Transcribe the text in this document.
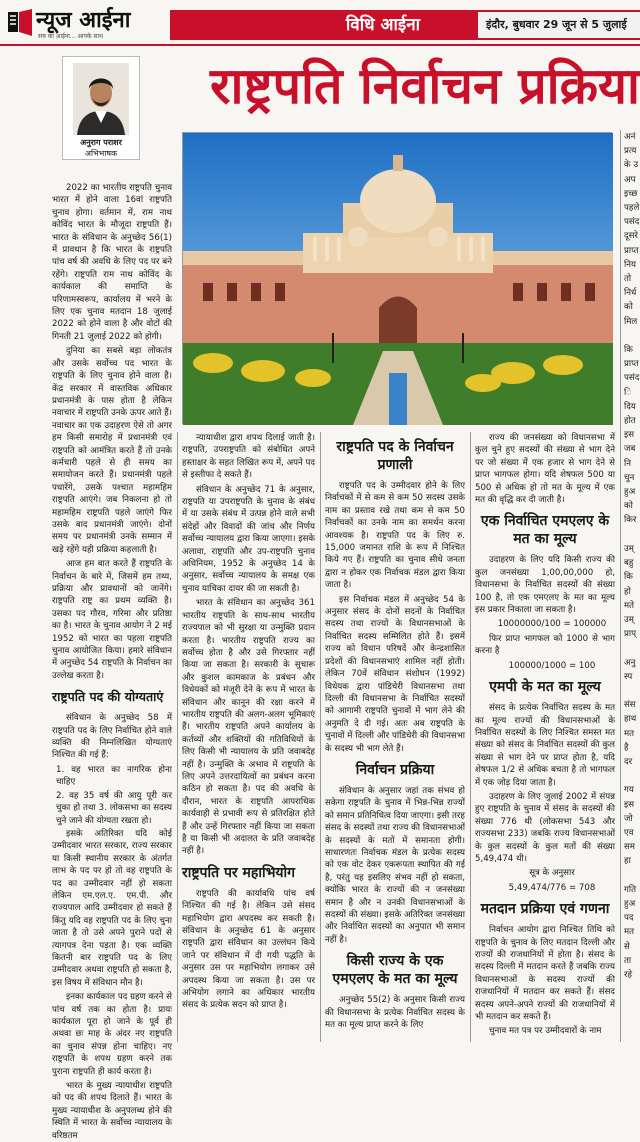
न्यूज आईना
सच का आईना... आपके साथ
विधि आईना	इंदौर, बुधवार 29 जून से 5 जुलाई
अनुराग पराशर
अभिभाषक
राष्ट्रपति निर्वाचन प्रक्रिया

2022 का भारतीय राष्ट्रपति चुनाव भारत में होने वाला 16वां राष्ट्रपति चुनाव होगा। वर्तमान में, राम नाथ कोविंद भारत के मौजूदा राष्ट्रपति हैं। भारत के संविधान के अनुच्छेद 56(1) में प्रावधान है कि भारत के राष्ट्रपति पांच वर्ष की अवधि के लिए पद पर बने रहेंगे। राष्ट्रपति राम नाथ कोविंद के कार्यकाल की समाप्ति के परिणामस्वरूप, कार्यालय में भरने के लिए एक चुनाव मतदान 18 जुलाई 2022 को होने वाला है और वोटों की गिनती 21 जुलाई 2022 को होगी।

दुनिया का सबसे बड़ा लोकतंत्र और उसके सर्वोच्च पद भारत के राष्ट्रपति के लिए चुनाव होने वाला है। केंद्र सरकार में वास्तविक अधिकार प्रधानमंत्री के पास होता है लेकिन नवाचार में राष्ट्रपति उनके ऊपर आते हैं। नवाचार का एक उदाहरण ऐसे तो अगर हम किसी समारोह में प्रधानमंत्री एवं राष्ट्रपति को आमंत्रित करते हैं तो उनके कर्मचारी पहले से ही समय का समायोजन करते हैं। प्रधानमंत्री पहले पधारेंगे, उसके पश्चात महामहिम राष्ट्रपति आएंगे। जब निकलना हो तो महामहिम राष्ट्रपति पहले जाएंगे फिर उसके बाद प्रधानमंत्री जाएंगे। दोनों समय पर प्रधानमंत्री उनके सम्मान में खड़े रहेंगे यही प्रक्रिया कहलाती है।

आज हम बात करते हैं राष्ट्रपति के निर्वाचन के बारे में, जिसमें हम तथ्य, प्रक्रिया और प्रावधानों को जानेंगे। राष्ट्रपति राष्ट्र का प्रथम व्यक्ति है। उसका पद गौरव, गरिमा और प्रतिष्ठा का है। भारत के चुनाव आयोग ने 2 मई 1952 को भारत का पहला राष्ट्रपति चुनाव आयोजित किया। हमारे संविधान में अनुच्छेद 54 राष्ट्रपति के निर्वाचन का उल्लेख करता है।

राष्ट्रपति पद की योग्यताएं

संविधान के अनुच्छेद 58 में राष्ट्रपति पद के लिए निर्वाचित होने वाले व्यक्ति की निम्नलिखित योग्यताएं निश्चित की गई हैं:

1. वह भारत का नागरिक होना चाहिए
2. वह 35 वर्ष की आयु पूरी कर चुका हो तथा 3. लोकसभा का सदस्य चुने जाने की योग्यता रखता हो।

इसके अतिरिक्त यदि कोई उम्मीदवार भारत सरकार, राज्य सरकार या किसी स्थानीय सरकार के अंतर्गत लाभ के पद पर हो तो वह राष्ट्रपति के पद का उम्मीदवार नहीं हो सकता लेकिन एम.एल.ए. एम.पी. और राज्यपाल आदि उम्मीदवार हो सकते हैं किंतु यदि वह राष्ट्रपति पद के लिए चुना जाता है तो उसे अपने पुराने पदों से त्यागपत्र देना पड़ता है। एक व्यक्ति कितनी बार राष्ट्रपति पद के लिए उम्मीदवार अथवा राष्ट्रपति हो सकता है, इस विषय में संविधान मौन है।

इनका कार्यकाल पद ग्रहण करने से पांच वर्ष तक का होता है। प्रायः कार्यकाल पूरा हो जाने के पूर्व ही अथवा छः माह के अंदर नए राष्ट्रपति का चुनाव संपन्न होना चाहिए। नए राष्ट्रपति के शपथ ग्रहण करने तक पुराना राष्ट्रपति ही कार्य करता है।

भारत के मुख्य न्यायाधीश राष्ट्रपति को पद की शपथ दिलाते हैं। भारत के मुख्य न्यायाधीश के अनुपलब्ध होने की स्थिति में भारत के सर्वोच्च न्यायालय के वरिष्ठतम

न्यायाधीश द्वारा शपथ दिलाई जाती है। राष्ट्रपति, उपराष्ट्रपति को संबोधित अपने हस्ताक्षर के सहत लिखित रूप में, अपने पद से इस्तीफा दे सकते हैं।

संविधान के अनुच्छेद 71 के अनुसार, राष्ट्रपति या उपराष्ट्रपति के चुनाव के संबंध में या उसके संबंध में उत्पन्न होने वाले सभी संदेहों और विवादों की जांच और निर्णय सर्वोच्च न्यायालय द्वारा किया जाएगा। इसके अलावा, राष्ट्रपति और उप-राष्ट्रपति चुनाव अधिनियम, 1952 के अनुच्छेद 14 के अनुसार, सर्वोच्च न्यायालय के समक्ष एक चुनाव याचिका दायर की जा सकती है।

भारत के संविधान का अनुच्छेद 361 भारतीय राष्ट्रपति के साथ-साथ भारतीय राज्यपाल को भी सुरक्षा या उन्मुक्ति प्रदान करता है। भारतीय राष्ट्रपति राज्य का सर्वोच्च होता है और उसे गिरफ्तार नहीं किया जा सकता है। सरकारी के सुचारू और कुशल कामकाज के प्रबंधन और विधेयकों को मंजूरी देने के रूप में भारत के संविधान और कानून की रक्षा करने में भारतीय राष्ट्रपति की अलग-अलग भूमिकाएं हैं। भारतीय राष्ट्रपति अपने कार्यालय के कर्तव्यों और शक्तियों की गतिविधियों के लिए किसी भी न्यायालय के प्रति जवाबदेह नहीं है। उन्मुक्ति के अभाव में राष्ट्रपति के लिए अपने उत्तरदायित्वों का प्रबंधन करना कठिन हो सकता है। पद की अवधि के दौरान, भारत के राष्ट्रपति आपराधिक कार्यवाही से प्रभावी रूप से प्रतिरक्षित होते हैं और उन्हें गिरफ्तार नहीं किया जा सकता है या किसी भी अदालत के प्रति जवाबदेह नहीं है।

राष्ट्रपति पर महाभियोग

राष्ट्रपति की कार्यावधि पांच वर्ष निश्चित की गई है। लेकिन उसे संसद महाभियोग द्वारा अपदस्थ कर सकती है। संविधान के अनुच्छेद 61 के अनुसार राष्ट्रपति द्वारा संविधान का उल्लंघन किये जाने पर संविधान में दी गयी पद्धति के अनुसार उस पर महाभियोग लगाकर उसे अपदस्थ किया जा सकता है। उस पर अभियोग लगाने का अधिकार भारतीय संसद के प्रत्येक सदन को प्राप्त है।

राष्ट्रपति पद के निर्वाचन प्रणाली

राष्ट्रपति पद के उम्मीदवार होने के लिए निर्वाचकों में से कम से कम 50 सदस्य उसके नाम का प्रस्ताव रखे तथा कम से कम 50 निर्वाचकों का उनके नाम का समर्थन करना आवश्यक है। राष्ट्रपति पद के लिए रु. 15,000 जमानत राशि के रूप में निश्चित किये गए हैं। राष्ट्रपति का चुनाव सीधे जनता द्वारा न होकर एक निर्वाचक मंडल द्वारा किया जाता है।

इस निर्वाचक मंडल में अनुच्छेद 54 के अनुसार संसद के दोनों सदनों के निर्वाचित सदस्य तथा राज्यों के विधानसभाओं के निर्वाचित सदस्य सम्मिलित होते हैं। इसमें राज्य को विधान परिषदें और केन्द्रशासित प्रदेशों की विधानसभाएं शामिल नहीं होती। लेकिन 70वें संविधान संशोधन (1992) विधेयक द्वारा पांडिचेरी विधानसभा तथा दिल्ली की विधानसभा के निर्वाचित सदस्यों को आगामी राष्ट्रपति चुनावों में भाग लेने की अनुमति दे दी गई। अतः अब राष्ट्रपति के चुनावों में दिल्ली और पांडिचेरी की विधानसभा के सदस्य भी भाग लेते हैं।

निर्वाचन प्रक्रिया

संविधान के अनुसार जहां तक संभव हो सकेगा राष्ट्रपति के चुनाव में भिन्न-भिन्न राज्यों को समान प्रतिनिधित्व दिया जाएगा। इसी तरह संसद के सदस्यों तथा राज्य की विधानसभाओं के सदस्यों के मतों में समानता होगी। साधारणतः निर्वाचक मंडल के प्रत्येक सदस्य को एक वोट देकर एकरूपता स्थापित की गई है, परंतु यह इसलिए संभव नहीं हो सकता, क्योंकि भारत के राज्यों की न जनसंख्या समान है और न उनकी विधानसभाओं के सदस्यों की संख्या। इसके अतिरिक्त जनसंख्या और निर्वाचित सदस्यों का अनुपात भी समान नहीं है।

किसी राज्य के एक एमएलए के मत का मूल्य

अनुच्छेद 55(2) के अनुसार किसी राज्य की विधानसभा के प्रत्येक निर्वाचित सदस्य के मत का मूल्य प्राप्त करने के लिए

राज्य की जनसंख्या को विधानसभा में कुल चुने हुए सदस्यों की संख्या से भाग देने पर जो संख्या में एक हजार से भाग देने से प्राप्त भागफल होगा। यदि शेषफल 500 या 500 से अधिक हो तो मत के मूल्य में एक मत की वृद्धि कर दी जाती है।

एक निर्वाचित एमएलए के मत का मूल्य

उदाहरण के लिए यदि किसी राज्य की कुल जनसंख्या 1,00,00,000 हो, विधानसभा के निर्वाचित सदस्यों की संख्या 100 है, तो एक एमएलए के मत का मूल्य इस प्रकार निकाला जा सकता है।

10000000/100 = 100000

फिर प्राप्त भागफल को 1000 से भाग करना है

100000/1000 = 100

एमपी के मत का मूल्य

संसद के प्रत्येक निर्वाचित सदस्य के मत का मूल्य राज्यों की विधानसभाओं के निर्वाचित सदस्यों के लिए निश्चित समस्त मत संख्या को संसद के निर्वाचित सदस्यों की कुल संख्या से भाग देने पर प्राप्त होता है, यदि शेषफल 1/2 से अधिक बचता है तो भागफल में एक जोड़ दिया जाता है।

उदाहरण के लिए जुलाई 2002 में संपन्न हुए राष्ट्रपति के चुनाव में संसद के सदस्यों की संख्या 776 थी (लोकसभा 543 और राज्यसभा 233) जबकि राज्य विधानसभाओं के कुल सदस्यों के कुल मतों की संख्या 5,49,474 थी।

सूत्र के अनुसार

5,49,474/776 = 708

मतदान प्रक्रिया एवं गणना

निर्वाचन आयोग द्वारा निश्चित तिथि को राष्ट्रपति के चुनाव के लिए मतदान दिल्ली और राज्यों की राजधानियों में होता है। संसद के सदस्य दिल्ली में मतदान करते हैं जबकि राज्य विधानसभाओं के सदस्य राज्यों की राजधानियों में मतदान कर सकते हैं। संसद सदस्य अपने-अपने राज्यों की राजधानियों में भी मतदान कर सकते हैं।

चुनाव मत पत्र पर उम्मीदवारों के नाम

अनं
प्रत्य
के उ
अप
इच्छ
पहले
पसंद
दूसरे
प्राप्त
निय
तो
निर्ध
को
मिल

कि
प्राप्त
पसंद
ि
दिय
होत
इस
जब
नि
चुन
हुअ
को
किर

उम्
बहु
कि
हो
मते
उम्
प्राप्

अनु
स्प

संस
हाथ
मत
है
दर

गय
इस
जो
एव
सम
हा

गति
हुअ
पद
मत
से
ता
रहे
